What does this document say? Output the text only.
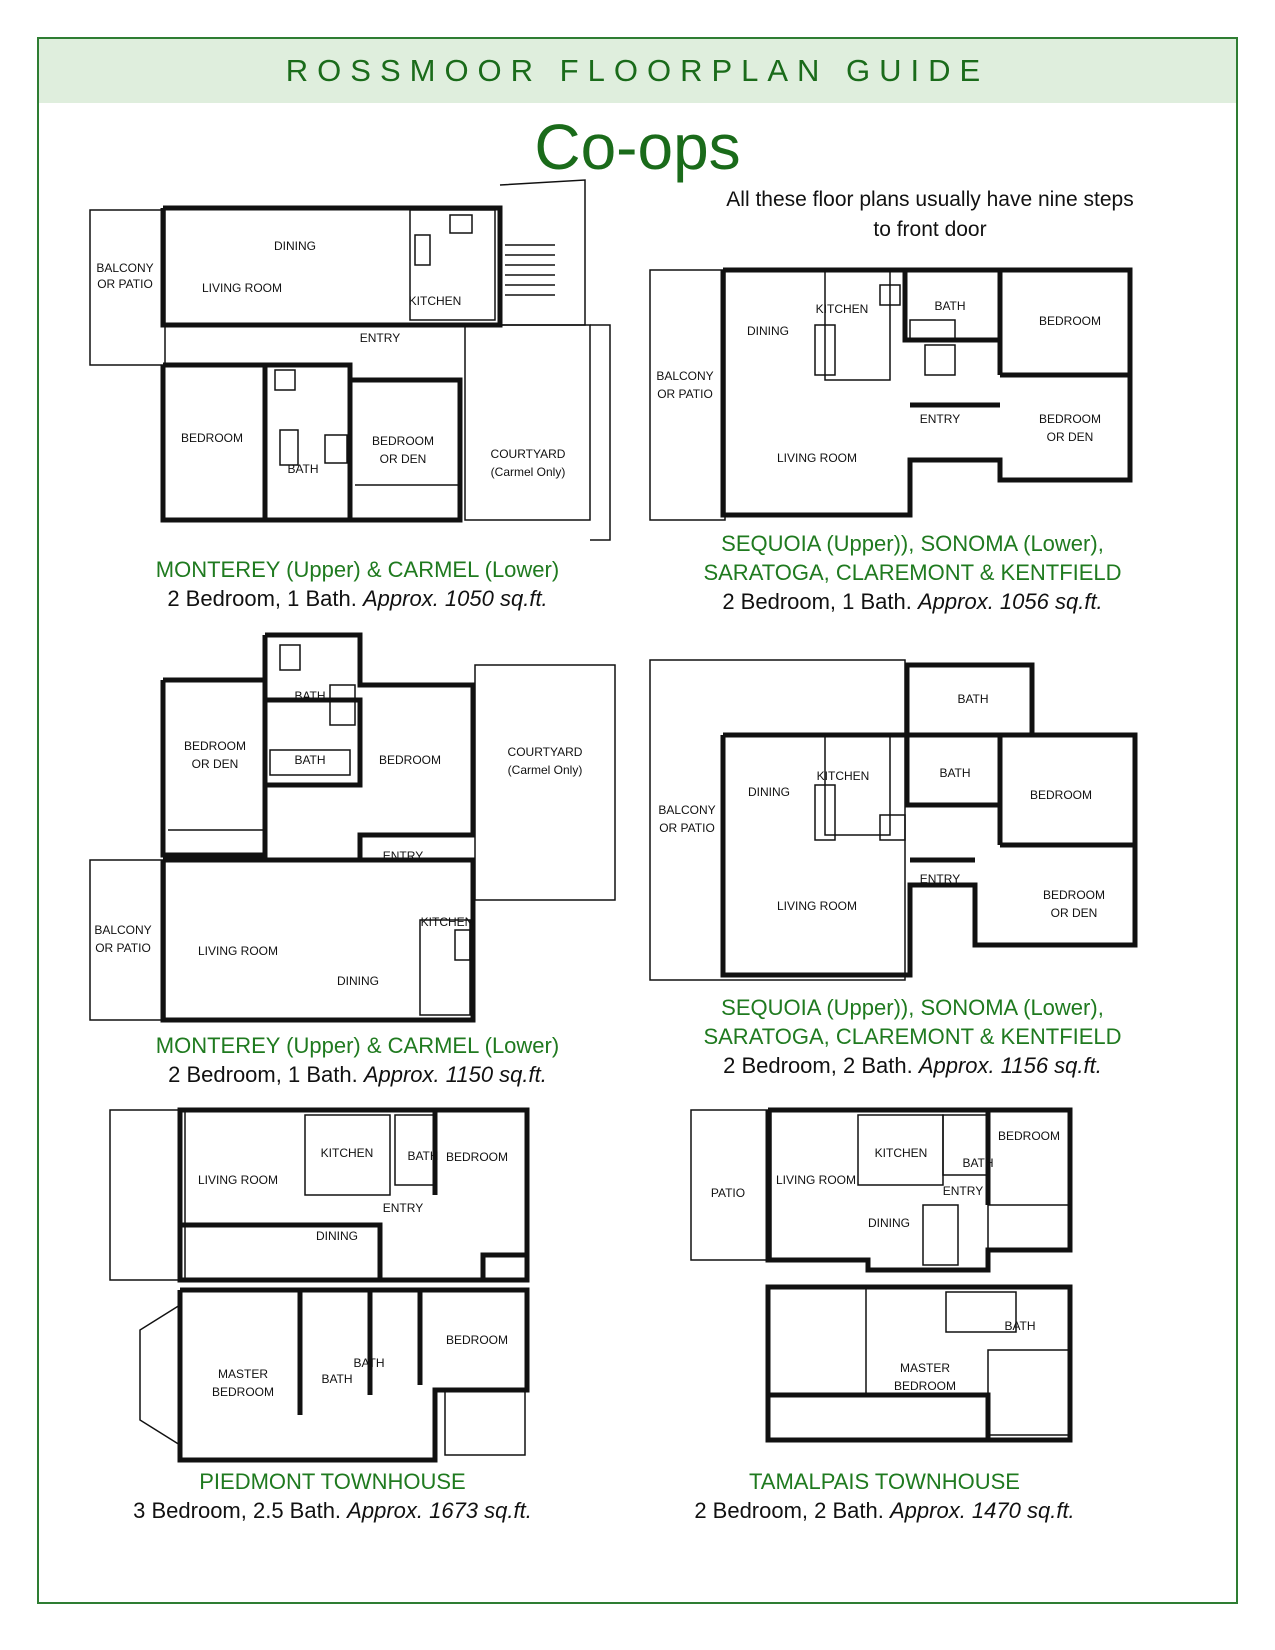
ROSSMOOR FLOORPLAN GUIDE
Co-ops
All these floor plans usually have nine steps
to front door
DINING
BALCONY
OR PATIO	LIVING ROOM
KITCHEN
ENTRY
BEDROOM
BATH
BEDROOM
OR DEN	COURTYARD
(Carmel Only)
BATH
KITCHEN
BEDROOM
DINING
BALCONY
OR PATIO
ENTRY	BEDROOM
OR DEN
LIVING ROOM
BATH
BATH
BEDROOM
OR DEN	BEDROOM
COURTYARD
(Carmel Only)
ENTRY
BALCONY
OR PATIO
KITCHEN
LIVING ROOM
DINING
BATH
BATH
KITCHEN
DINING
BALCONY
OR PATIO
BEDROOM
ENTRY
LIVING ROOM
BEDROOM
OR DEN
LIVING ROOM
KITCHEN	BATH BEDROOM
ENTRY
DINING
MASTER
BEDROOM
BATH
BATH
BEDROOM
PATIO
LIVING ROOM
KITCHEN
BEDROOM
BATH
ENTRY
DINING
BATH
MASTER
BEDROOM
MONTEREY (Upper) & CARMEL (Lower)
2 Bedroom, 1 Bath. Approx. 1050 sq.ft.
SEQUOIA (Upper)), SONOMA (Lower),
SARATOGA, CLAREMONT & KENTFIELD
2 Bedroom, 1 Bath. Approx. 1056 sq.ft.
MONTEREY (Upper) & CARMEL (Lower)
2 Bedroom, 1 Bath. Approx. 1150 sq.ft.
SEQUOIA (Upper)), SONOMA (Lower),
SARATOGA, CLAREMONT & KENTFIELD
2 Bedroom, 2 Bath. Approx. 1156 sq.ft.
PIEDMONT TOWNHOUSE
3 Bedroom, 2.5 Bath. Approx. 1673 sq.ft.
TAMALPAIS TOWNHOUSE
2 Bedroom, 2 Bath. Approx. 1470 sq.ft.
